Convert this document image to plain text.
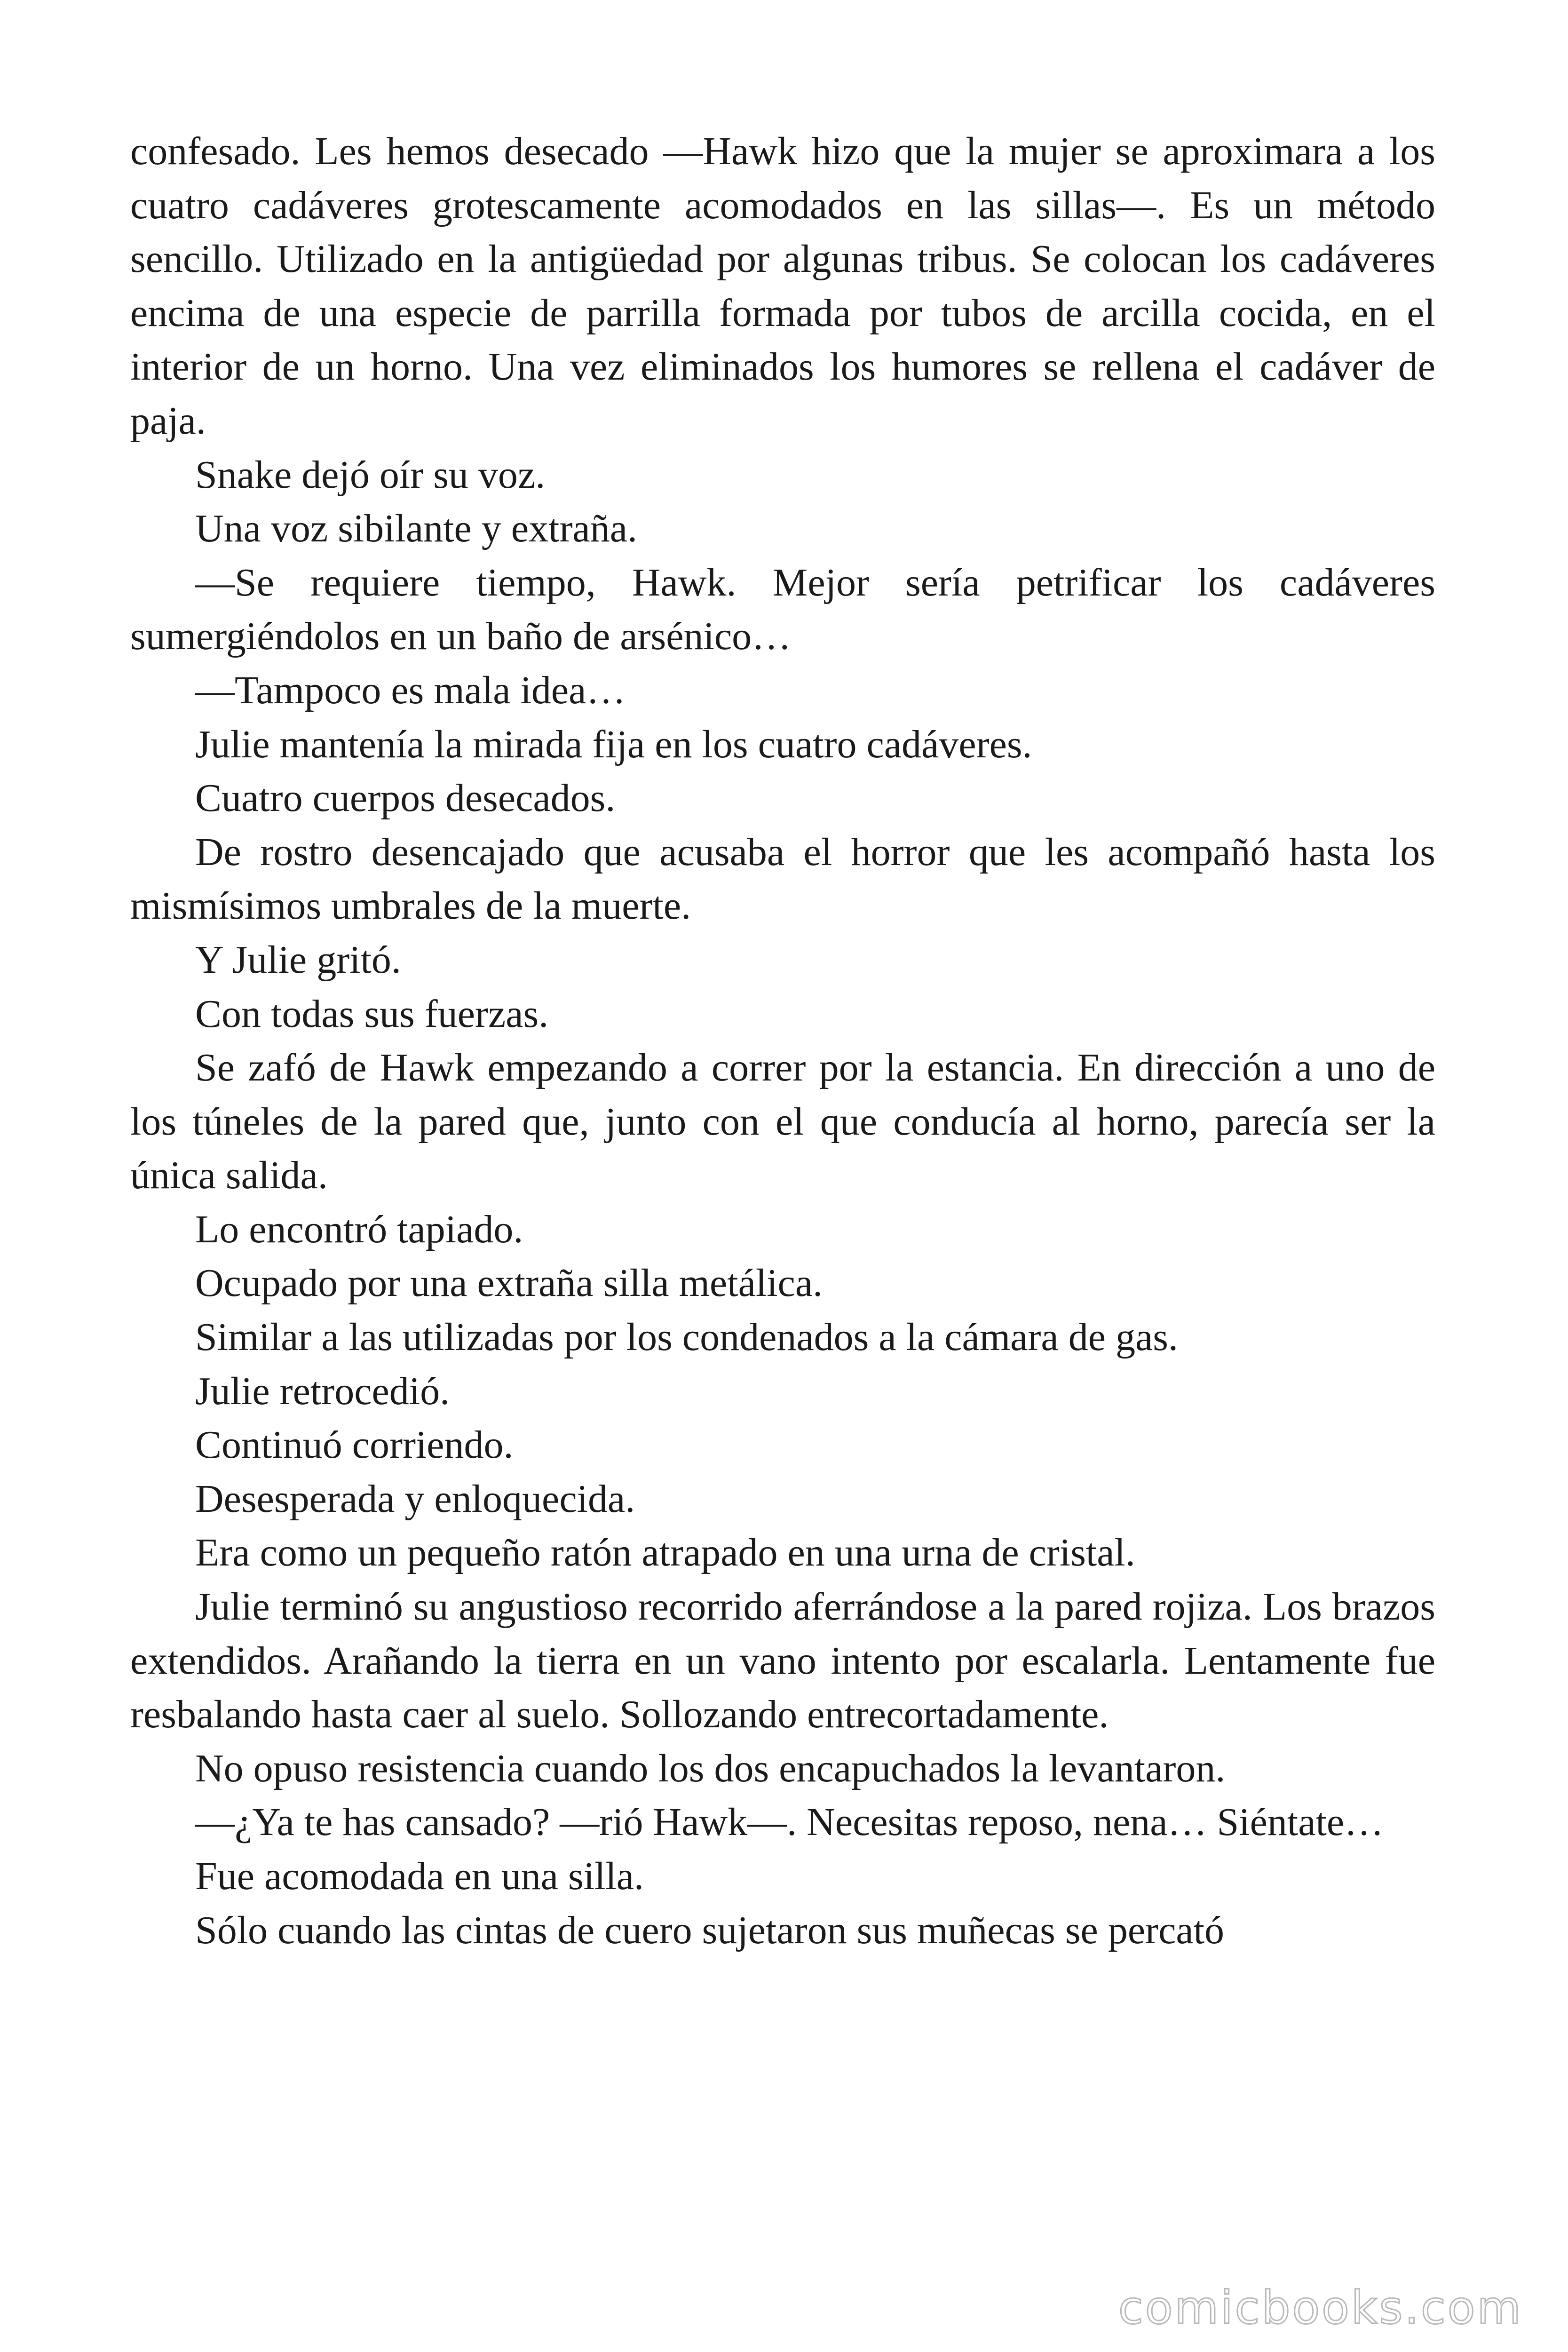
confesado. Les hemos desecado —Hawk hizo que la mujer se aproximara a los cuatro cadáveres grotescamente acomodados en las sillas—. Es un método sencillo. Utilizado en la antigüedad por algunas tribus. Se colocan los cadáveres encima de una especie de parrilla formada por tubos de arcilla cocida, en el interior de un horno. Una vez eliminados los humores se rellena el cadáver de paja.

Snake dejó oír su voz.

Una voz sibilante y extraña.

—Se requiere tiempo, Hawk. Mejor sería petrificar los cadáveres sumergiéndolos en un baño de arsénico…

—Tampoco es mala idea…

Julie mantenía la mirada fija en los cuatro cadáveres.

Cuatro cuerpos desecados.

De rostro desencajado que acusaba el horror que les acompañó hasta los mismísimos umbrales de la muerte.

Y Julie gritó.

Con todas sus fuerzas.

Se zafó de Hawk empezando a correr por la estancia. En dirección a uno de los túneles de la pared que, junto con el que conducía al horno, parecía ser la única salida.

Lo encontró tapiado.

Ocupado por una extraña silla metálica.

Similar a las utilizadas por los condenados a la cámara de gas.

Julie retrocedió.

Continuó corriendo.

Desesperada y enloquecida.

Era como un pequeño ratón atrapado en una urna de cristal.

Julie terminó su angustioso recorrido aferrándose a la pared rojiza. Los brazos extendidos. Arañando la tierra en un vano intento por escalarla. Lentamente fue resbalando hasta caer al suelo. Sollozando entrecortadamente.

No opuso resistencia cuando los dos encapuchados la levantaron.

—¿Ya te has cansado? —rió Hawk—. Necesitas reposo, nena… Siéntate…

Fue acomodada en una silla.

Sólo cuando las cintas de cuero sujetaron sus muñecas se percató

comicbooks.com
